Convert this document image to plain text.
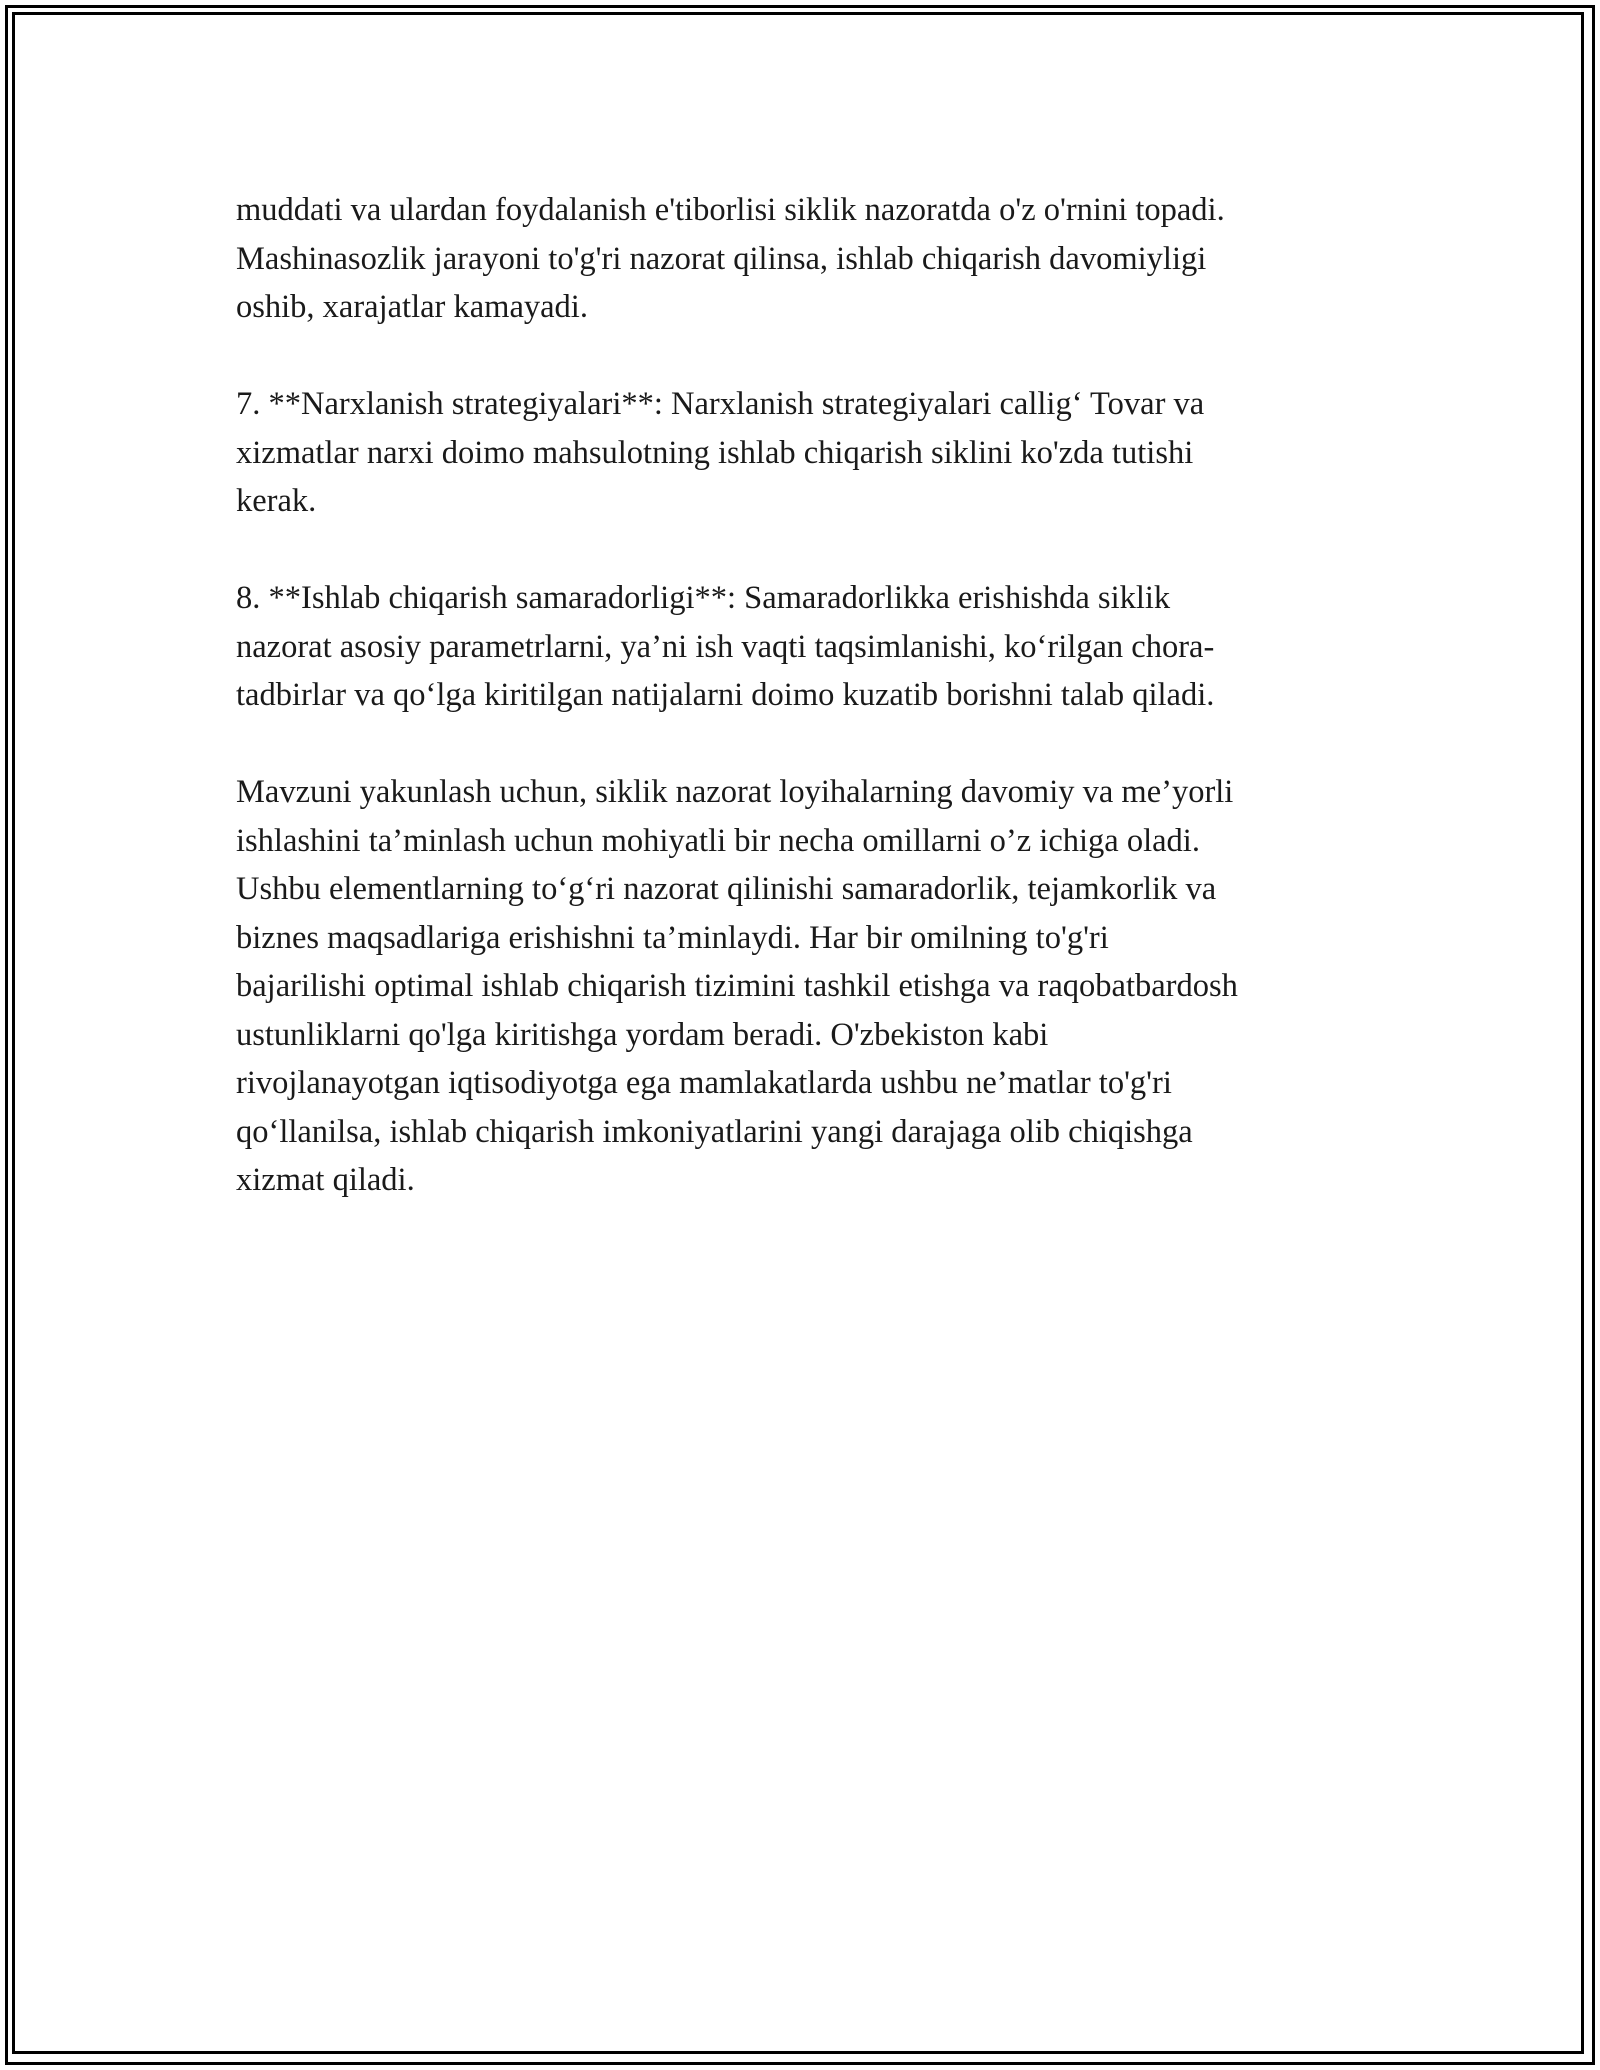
muddati va ulardan foydalanish e'tiborlisi siklik nazoratda o'z o'rnini topadi.
Mashinasozlik jarayoni to'g'ri nazorat qilinsa, ishlab chiqarish davomiyligi
oshib, xarajatlar kamayadi.

7. **Narxlanish strategiyalari**: Narxlanish strategiyalari callig‘ Tovar va
xizmatlar narxi doimo mahsulotning ishlab chiqarish siklini ko'zda tutishi
kerak.

8. **Ishlab chiqarish samaradorligi**: Samaradorlikka erishishda siklik
nazorat asosiy parametrlarni, ya’ni ish vaqti taqsimlanishi, ko‘rilgan chora-
tadbirlar va qo‘lga kiritilgan natijalarni doimo kuzatib borishni talab qiladi.

Mavzuni yakunlash uchun, siklik nazorat loyihalarning davomiy va me’yorli
ishlashini ta’minlash uchun mohiyatli bir necha omillarni o’z ichiga oladi.
Ushbu elementlarning to‘g‘ri nazorat qilinishi samaradorlik, tejamkorlik va
biznes maqsadlariga erishishni ta’minlaydi. Har bir omilning to'g'ri
bajarilishi optimal ishlab chiqarish tizimini tashkil etishga va raqobatbardosh
ustunliklarni qo'lga kiritishga yordam beradi. O'zbekiston kabi
rivojlanayotgan iqtisodiyotga ega mamlakatlarda ushbu ne’matlar to'g'ri
qo‘llanilsa, ishlab chiqarish imkoniyatlarini yangi darajaga olib chiqishga
xizmat qiladi.
